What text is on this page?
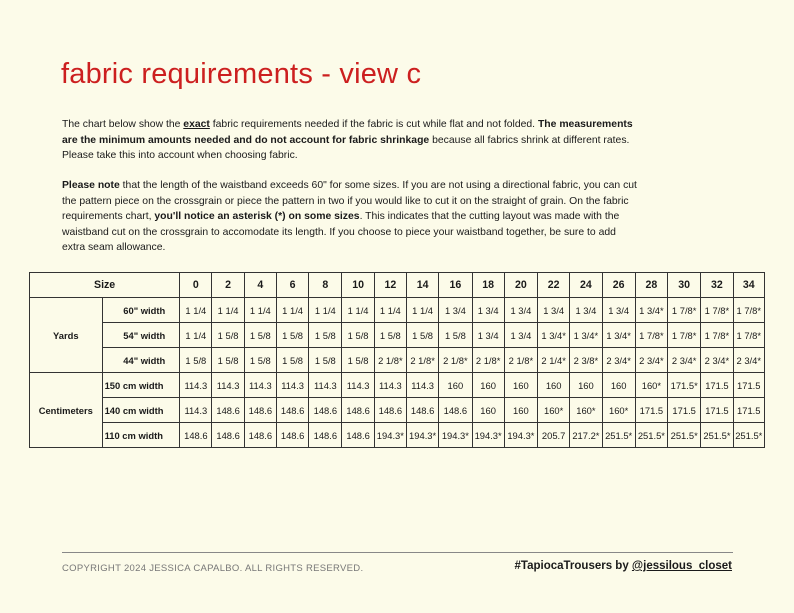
fabric requirements - view c

The chart below show the exact fabric requirements needed if the fabric is cut while flat and not folded. The measurements are the minimum amounts needed and do not account for fabric shrinkage because all fabrics shrink at different rates. Please take this into account when choosing fabric.

Please note that the length of the waistband exceeds 60" for some sizes. If you are not using a directional fabric, you can cut the pattern piece on the crossgrain or piece the pattern in two if you would like to cut it on the straight of grain. On the fabric requirements chart, you'll notice an asterisk (*) on some sizes. This indicates that the cutting layout was made with the waistband cut on the crossgrain to accomodate its length. If you choose to piece your waistband together, be sure to add extra seam allowance.

Size		0	2	4	6	8	10	12	14	16	18	20	22	24	26	28	30	32	34
Yards	60" width	1 1/4	1 1/4	1 1/4	1 1/4	1 1/4	1 1/4	1 1/4	1 1/4	1 3/4	1 3/4	1 3/4	1 3/4	1 3/4	1 3/4	1 3/4*	1 7/8*	1 7/8*	1 7/8*
	54" width	1 1/4	1 5/8	1 5/8	1 5/8	1 5/8	1 5/8	1 5/8	1 5/8	1 5/8	1 3/4	1 3/4	1 3/4*	1 3/4*	1 3/4*	1 7/8*	1 7/8*	1 7/8*	1 7/8*
	44" width	1 5/8	1 5/8	1 5/8	1 5/8	1 5/8	1 5/8	2 1/8*	2 1/8*	2 1/8*	2 1/8*	2 1/8*	2 1/4*	2 3/8*	2 3/4*	2 3/4*	2 3/4*	2 3/4*	2 3/4*
Centimeters	150 cm width	114.3	114.3	114.3	114.3	114.3	114.3	114.3	114.3	160	160	160	160	160	160	160*	171.5*	171.5	171.5
	140 cm width	114.3	148.6	148.6	148.6	148.6	148.6	148.6	148.6	148.6	160	160	160*	160*	160*	171.5	171.5	171.5	171.5
	110 cm width	148.6	148.6	148.6	148.6	148.6	148.6	194.3*	194.3*	194.3*	194.3*	194.3*	205.7	217.2*	251.5*	251.5*	251.5*	251.5*	251.5*
COPYRIGHT 2024 JESSICA CAPALBO. ALL RIGHTS RESERVED.	#TapiocaTrousers by @jessilous_closet
